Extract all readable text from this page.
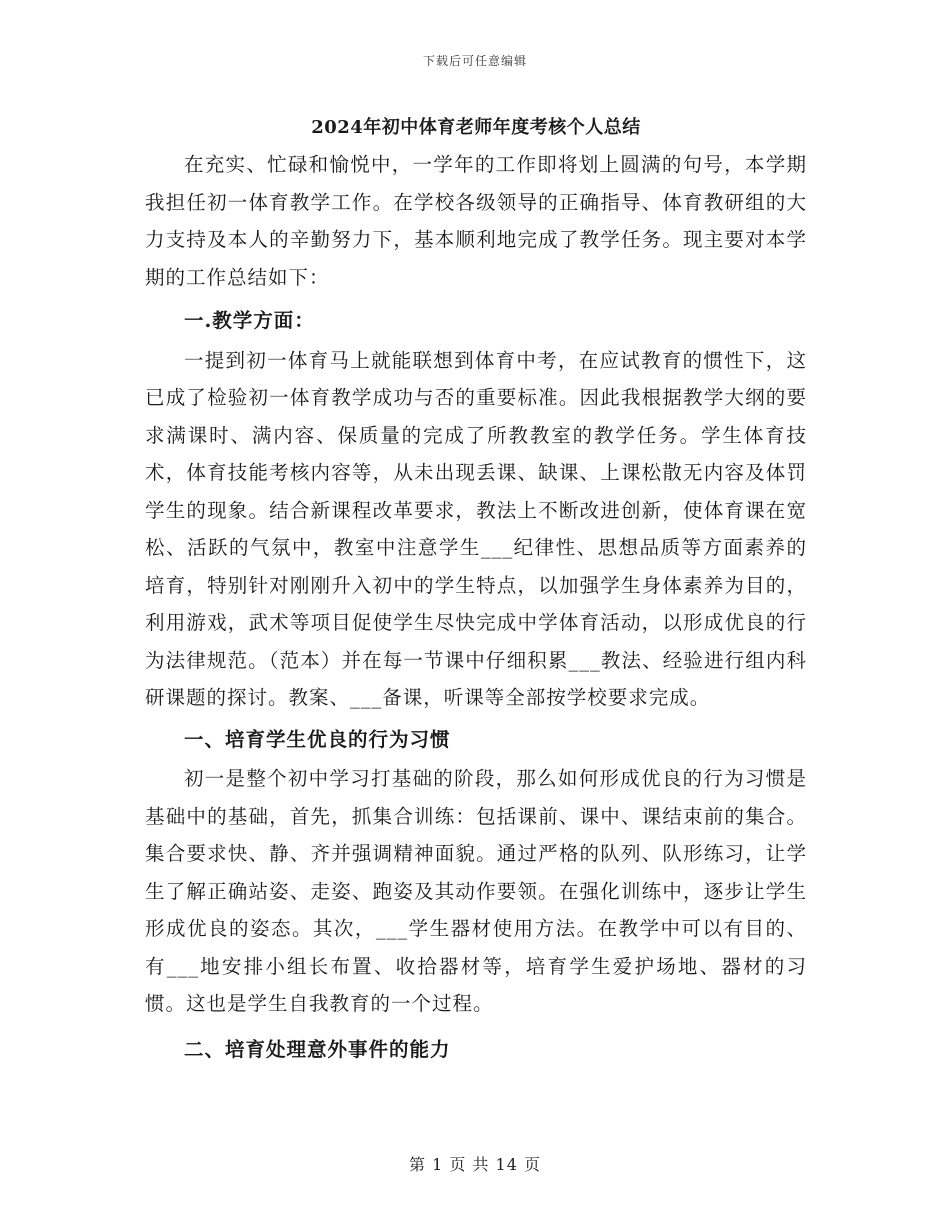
下载后可任意编辑
2024年初中体育老师年度考核个人总结

在充实、忙碌和愉悦中，一学年的工作即将划上圆满的句号，本学期我担任初一体育教学工作。在学校各级领导的正确指导、体育教研组的大力支持及本人的辛勤努力下，基本顺利地完成了教学任务。现主要对本学期的工作总结如下：

一.教学方面：

一提到初一体育马上就能联想到体育中考，在应试教育的惯性下，这已成了检验初一体育教学成功与否的重要标准。因此我根据教学大纲的要求满课时、满内容、保质量的完成了所教教室的教学任务。学生体育技术，体育技能考核内容等，从未出现丢课、缺课、上课松散无内容及体罚学生的现象。结合新课程改革要求，教法上不断改进创新，使体育课在宽松、活跃的气氛中，教室中注意学生___纪律性、思想品质等方面素养的培育，特别针对刚刚升入初中的学生特点，以加强学生身体素养为目的，利用游戏，武术等项目促使学生尽快完成中学体育活动，以形成优良的行为法律规范。（范本）并在每一节课中仔细积累___教法、经验进行组内科研课题的探讨。教案、___备课，听课等全部按学校要求完成。

一、培育学生优良的行为习惯

初一是整个初中学习打基础的阶段，那么如何形成优良的行为习惯是基础中的基础，首先，抓集合训练：包括课前、课中、课结束前的集合。集合要求快、静、齐并强调精神面貌。通过严格的队列、队形练习，让学生了解正确站姿、走姿、跑姿及其动作要领。在强化训练中，逐步让学生形成优良的姿态。其次，___学生器材使用方法。在教学中可以有目的、有___地安排小组长布置、收拾器材等，培育学生爱护场地、器材的习惯。这也是学生自我教育的一个过程。

二、培育处理意外事件的能力

第 1 页 共 14 页
